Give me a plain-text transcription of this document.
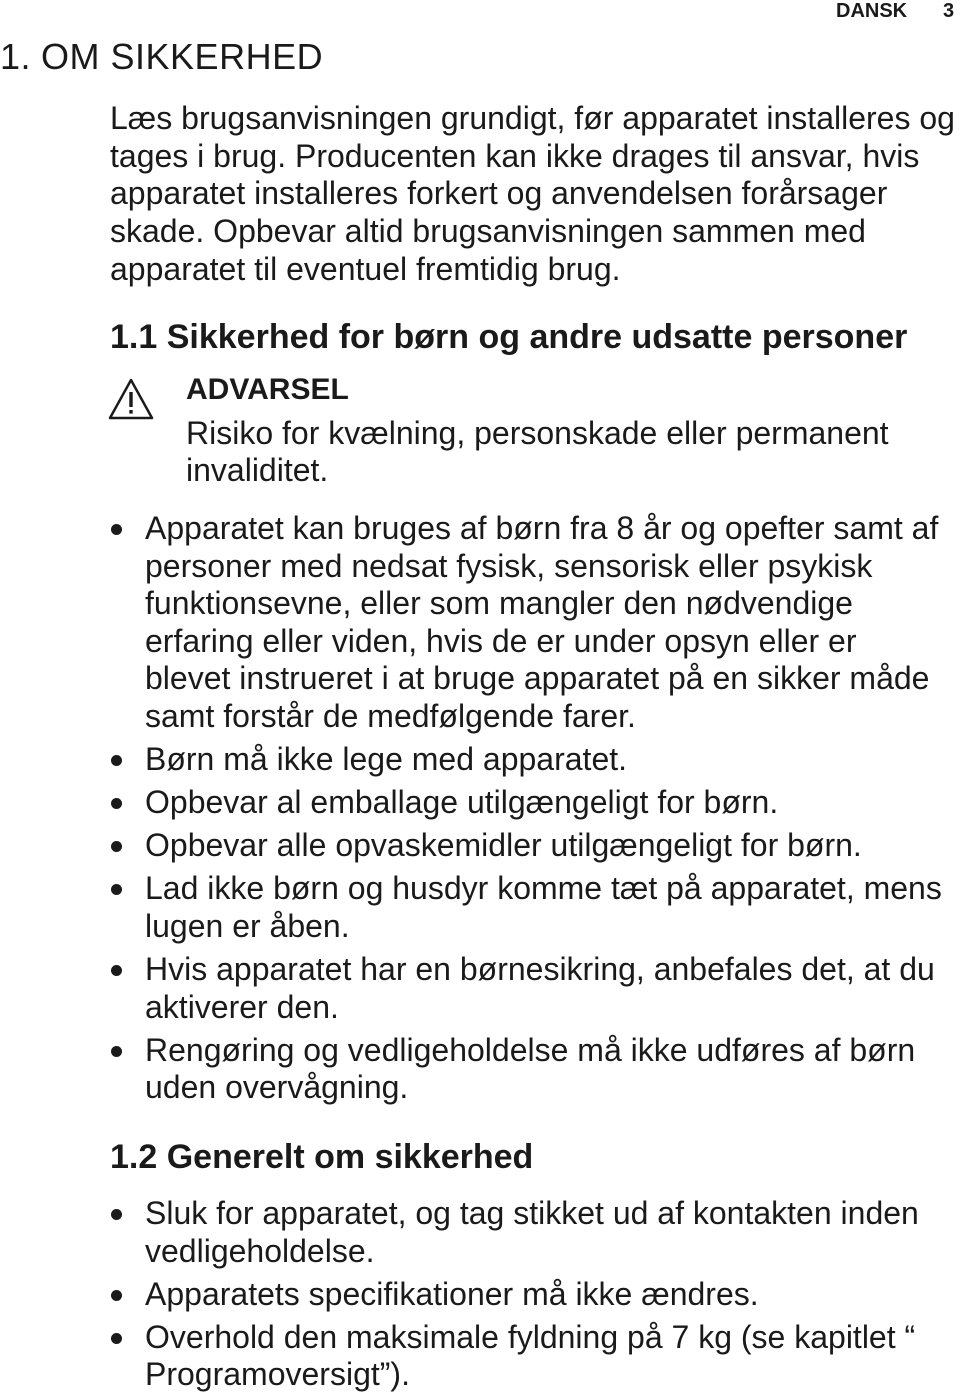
DANSK 3
1. OM SIKKERHED

Læs brugsanvisningen grundigt, før apparatet installeres og tages i brug. Producenten kan ikke drages til ansvar, hvis apparatet installeres forkert og anvendelsen forårsager skade. Opbevar altid brugsanvisningen sammen med apparatet til eventuel fremtidig brug.

1.1 Sikkerhed for børn og andre udsatte personer
ADVARSEL

Risiko for kvælning, personskade eller permanent invaliditet.

Apparatet kan bruges af børn fra 8 år og opefter samt af personer med nedsat fysisk, sensorisk eller psykisk funktionsevne, eller som mangler den nødvendige erfaring eller viden, hvis de er under opsyn eller er blevet instrueret i at bruge apparatet på en sikker måde samt forstår de medfølgende farer.
Børn må ikke lege med apparatet.
Opbevar al emballage utilgængeligt for børn.
Opbevar alle opvaskemidler utilgængeligt for børn.
Lad ikke børn og husdyr komme tæt på apparatet, mens lugen er åben.
Hvis apparatet har en børnesikring, anbefales det, at du aktiverer den.
Rengøring og vedligeholdelse må ikke udføres af børn uden overvågning.
1.2 Generelt om sikkerhed
Sluk for apparatet, og tag stikket ud af kontakten inden vedligeholdelse.
Apparatets specifikationer må ikke ændres.
Overhold den maksimale fyldning på 7 kg (se kapitlet “ Programoversigt”).
